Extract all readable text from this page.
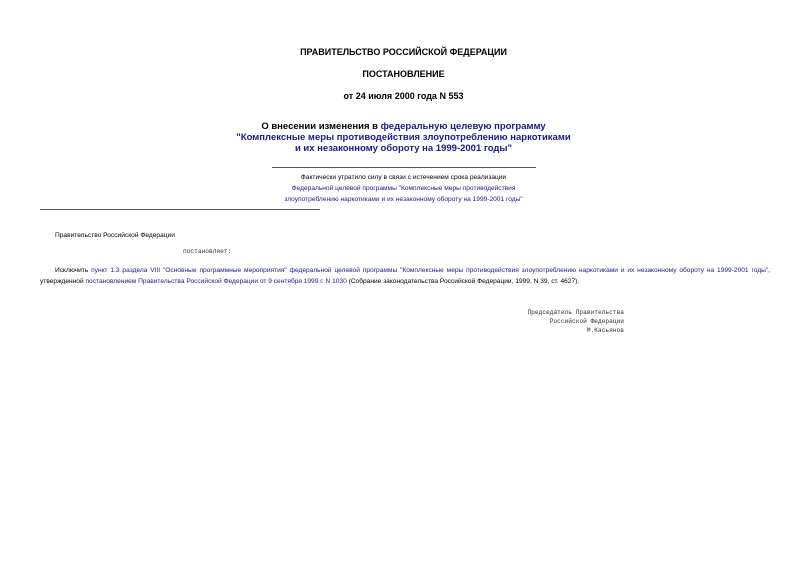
ПРАВИТЕЛЬСТВО РОССИЙСКОЙ ФЕДЕРАЦИИ
ПОСТАНОВЛЕНИЕ
от 24 июля 2000 года N 553
О внесении изменения в федеральную целевую программу
"Комплексные меры противодействия злоупотреблению наркотиками
и их незаконному обороту на 1999-2001 годы"
Фактически утратило силу в связи с истечением срока реализации
Федеральной целевой программы "Комплексные меры противодействия
злоупотреблению наркотиками и их незаконному обороту на 1999-2001 годы"
Правительство Российской Федерации
постановляет:
Исключить пункт 1.3 раздела VIII "Основные программные мероприятия" федеральной целевой программы "Комплексные меры противодействия злоупотреблению наркотиками и их незаконному обороту на 1999-2001 годы", утвержденной постановлением Правительства Российской Федерации от 9 сентября 1999 г. N 1030 (Собрание законодательства Российской Федерации, 1999, N 39, ст. 4627).
Председатель Правительства
Российской Федерации
М.Касьянов
